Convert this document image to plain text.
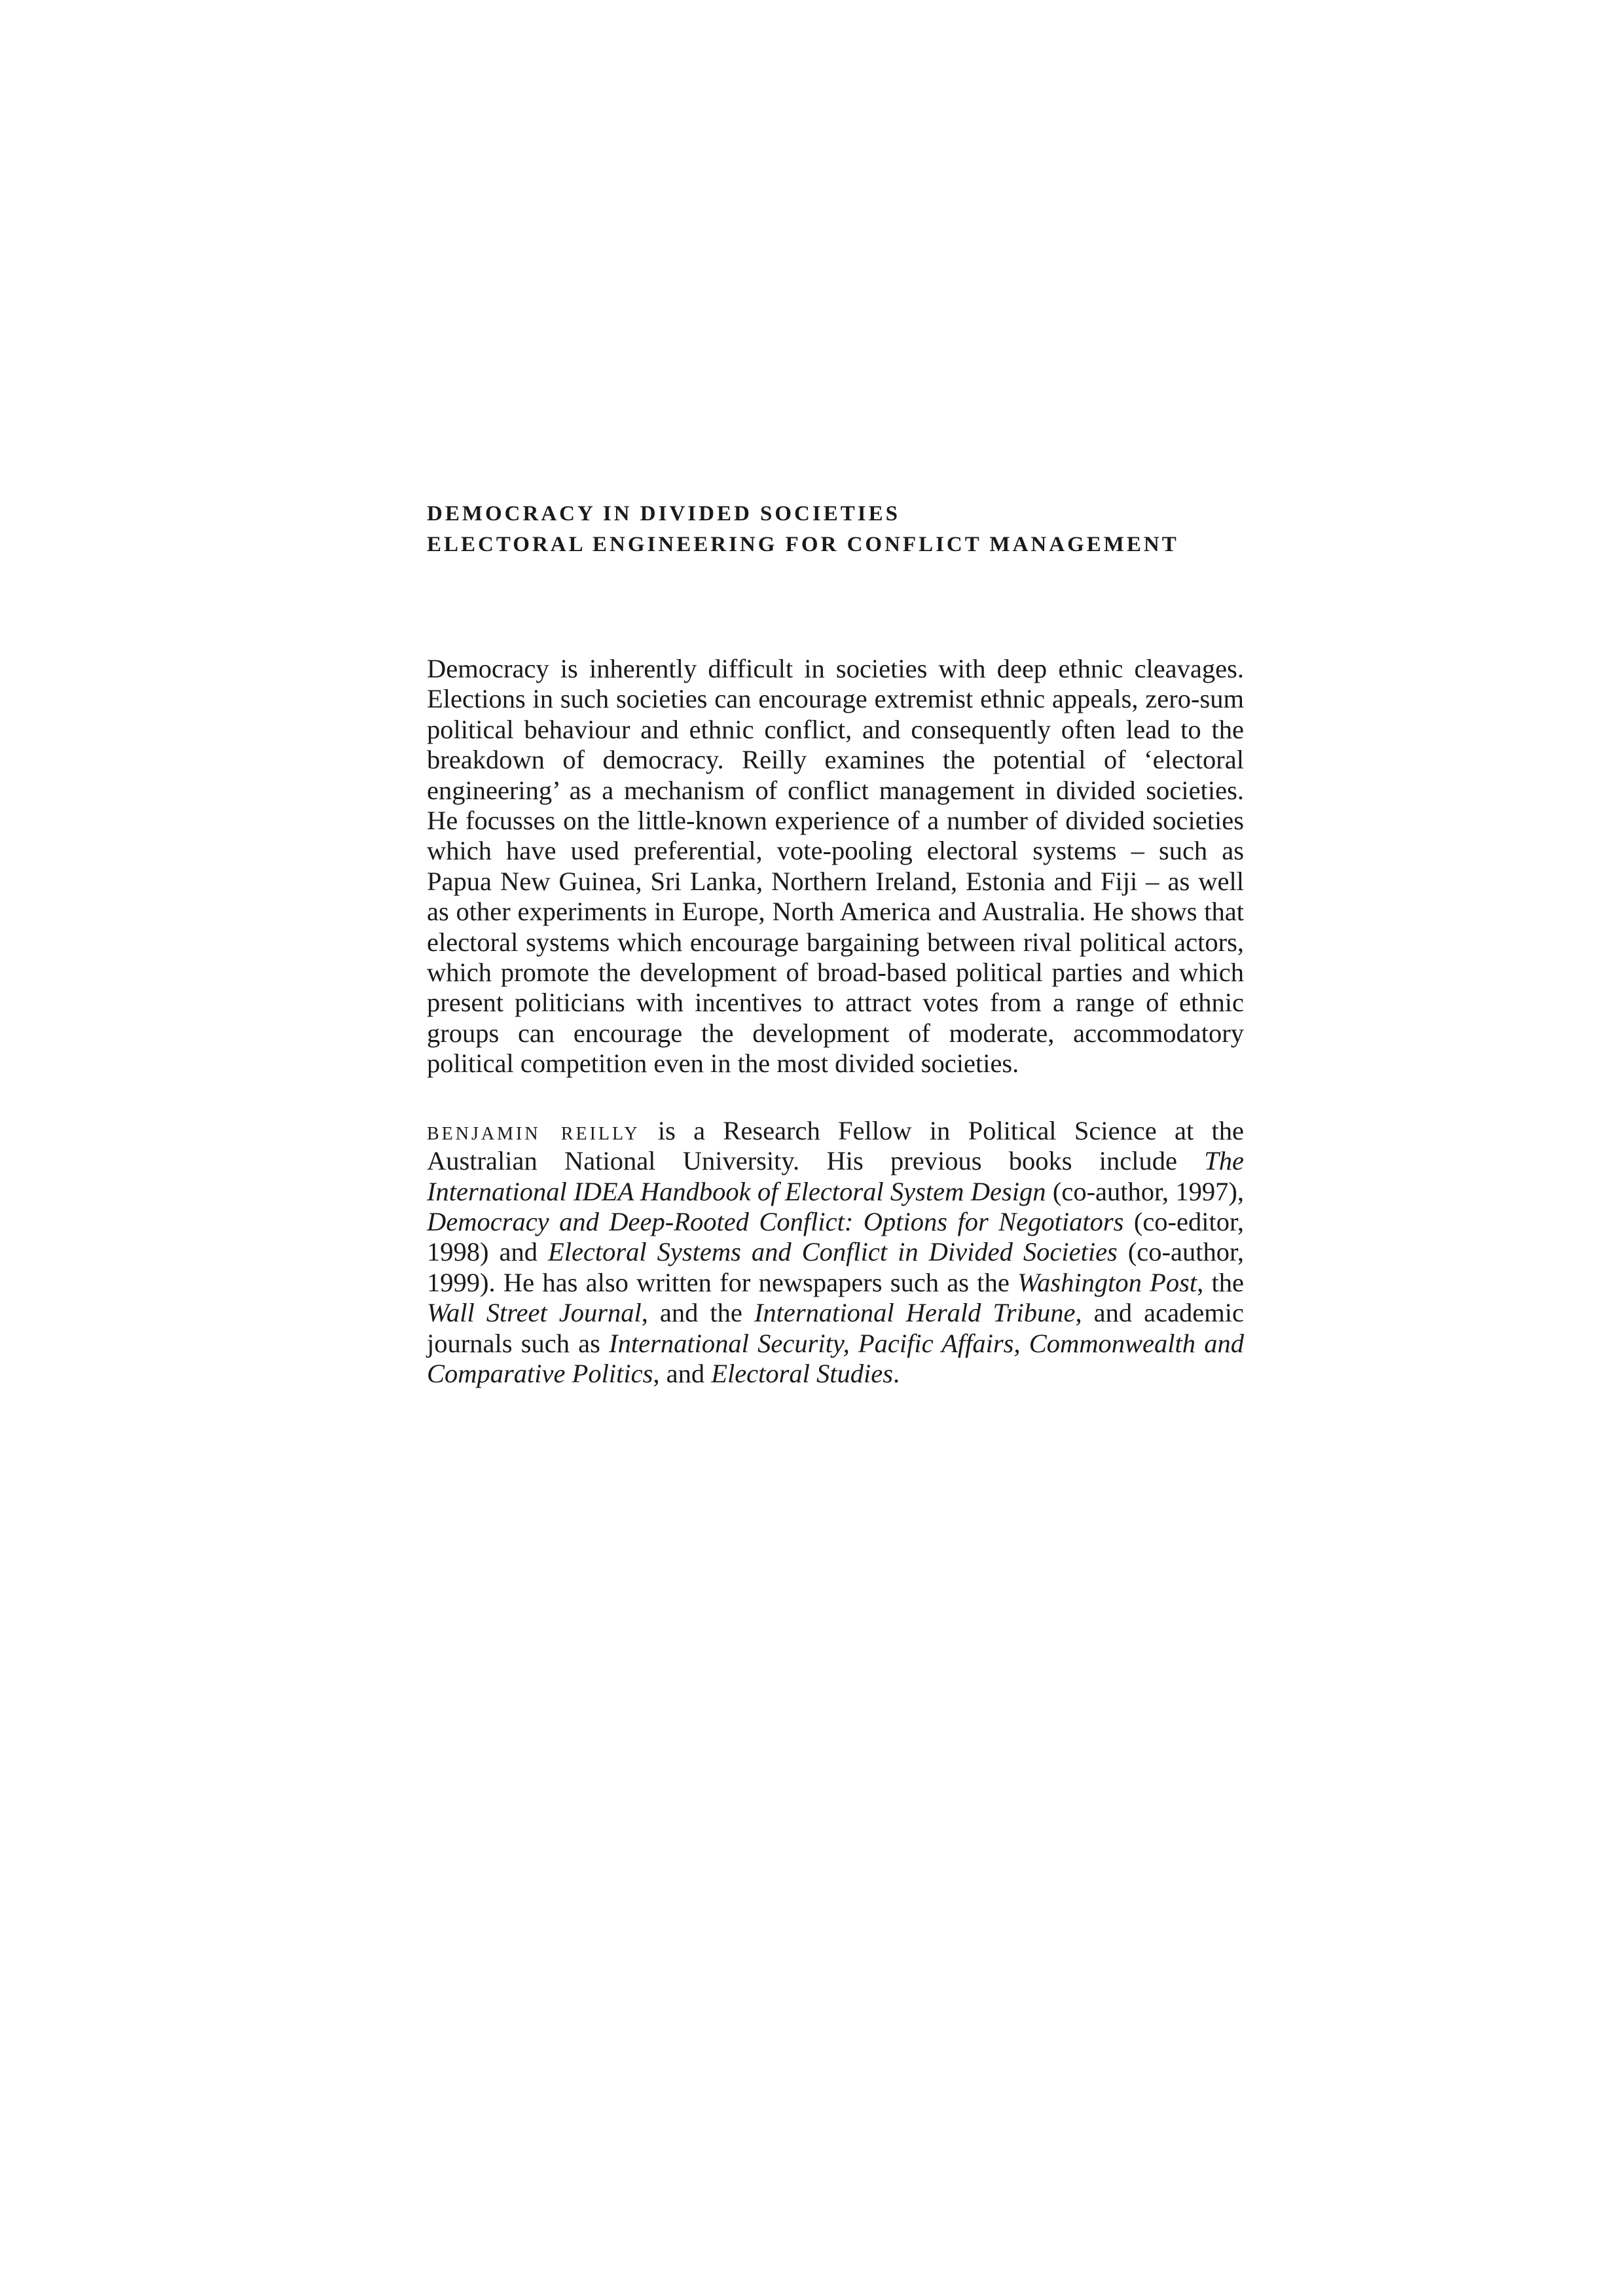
DEMOCRACY IN DIVIDED SOCIETIES
ELECTORAL ENGINEERING FOR CONFLICT MANAGEMENT

Democracy is inherently difficult in societies with deep ethnic cleavages. Elections in such societies can encourage extremist ethnic appeals, zero-sum political behaviour and ethnic conflict, and consequently often lead to the breakdown of democracy. Reilly examines the potential of ‘electoral engineering’ as a mechanism of conflict management in divided societies. He focusses on the little-known experience of a number of divided societies which have used preferential, vote-pooling electoral systems – such as Papua New Guinea, Sri Lanka, Northern Ireland, Estonia and Fiji – as well as other experiments in Europe, North America and Australia. He shows that electoral systems which encourage bargaining between rival political actors, which promote the development of broad-based political parties and which present politicians with incentives to attract votes from a range of ethnic groups can encourage the development of moderate, accommodatory political competition even in the most divided societies.

benjamin reilly is a Research Fellow in Political Science at the Australian National University. His previous books include The International IDEA Handbook of Electoral System Design (co-author, 1997), Democracy and Deep-Rooted Conflict: Options for Negotiators (co-editor, 1998) and Electoral Systems and Conflict in Divided Societies (co-author, 1999). He has also written for newspapers such as the Washington Post, the Wall Street Journal, and the International Herald Tribune, and academic journals such as International Security, Pacific Affairs, Commonwealth and Comparative Politics, and Electoral Studies.
